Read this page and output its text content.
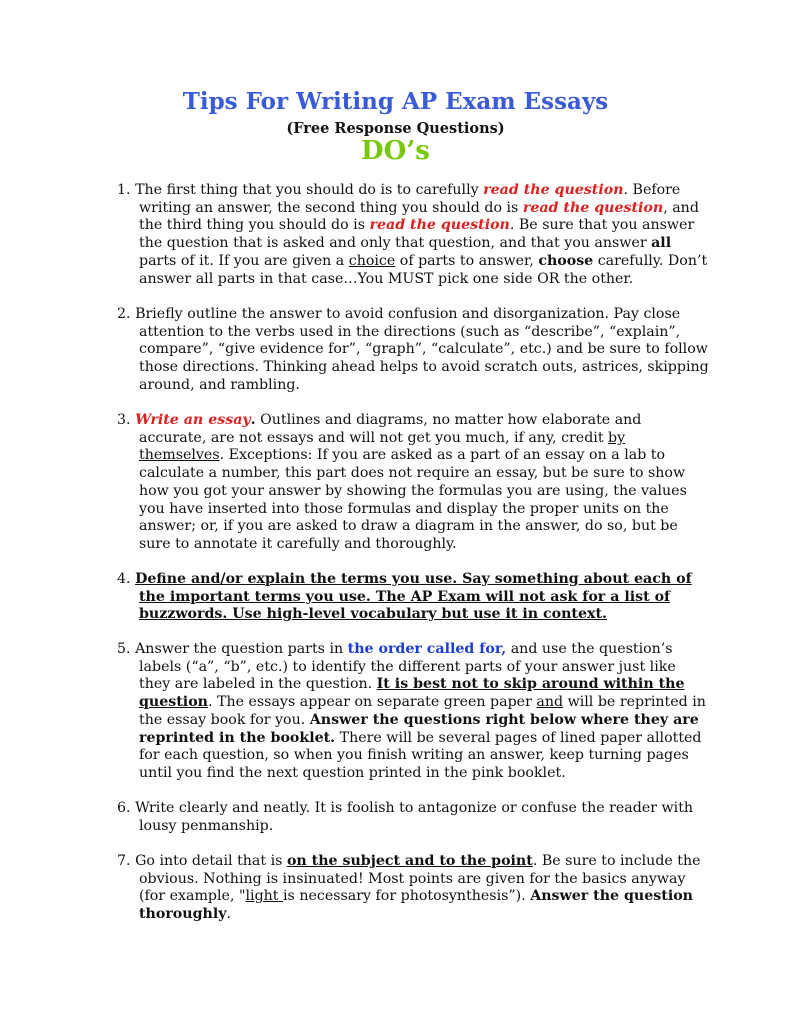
Tips For Writing AP Exam Essays
(Free Response Questions)
DO’s
1. The first thing that you should do is to carefully read the question. Before writing an answer, the second thing you should do is read the question, and the third thing you should do is read the question. Be sure that you answer the question that is asked and only that question, and that you answer all parts of it. If you are given a choice of parts to answer, choose carefully. Don’t answer all parts in that case…You MUST pick one side OR the other.
2. Briefly outline the answer to avoid confusion and disorganization. Pay close attention to the verbs used in the directions (such as “describe”, “explain”, compare”, “give evidence for”, “graph”, “calculate”, etc.) and be sure to follow those directions. Thinking ahead helps to avoid scratch outs, astrices, skipping around, and rambling.
3. Write an essay. Outlines and diagrams, no matter how elaborate and accurate, are not essays and will not get you much, if any, credit by themselves. Exceptions: If you are asked as a part of an essay on a lab to calculate a number, this part does not require an essay, but be sure to show how you got your answer by showing the formulas you are using, the values you have inserted into those formulas and display the proper units on the answer; or, if you are asked to draw a diagram in the answer, do so, but be sure to annotate it carefully and thoroughly.
4. Define and/or explain the terms you use. Say something about each of the important terms you use. The AP Exam will not ask for a list of buzzwords. Use high-level vocabulary but use it in context.
5. Answer the question parts in the order called for, and use the question’s labels (“a”, “b”, etc.) to identify the different parts of your answer just like they are labeled in the question. It is best not to skip around within the question. The essays appear on separate green paper and will be reprinted in the essay book for you. Answer the questions right below where they are reprinted in the booklet. There will be several pages of lined paper allotted for each question, so when you finish writing an answer, keep turning pages until you find the next question printed in the pink booklet.
6. Write clearly and neatly. It is foolish to antagonize or confuse the reader with lousy penmanship.
7. Go into detail that is on the subject and to the point. Be sure to include the obvious. Nothing is insinuated! Most points are given for the basics anyway (for example, "light is necessary for photosynthesis”). Answer the question thoroughly.
